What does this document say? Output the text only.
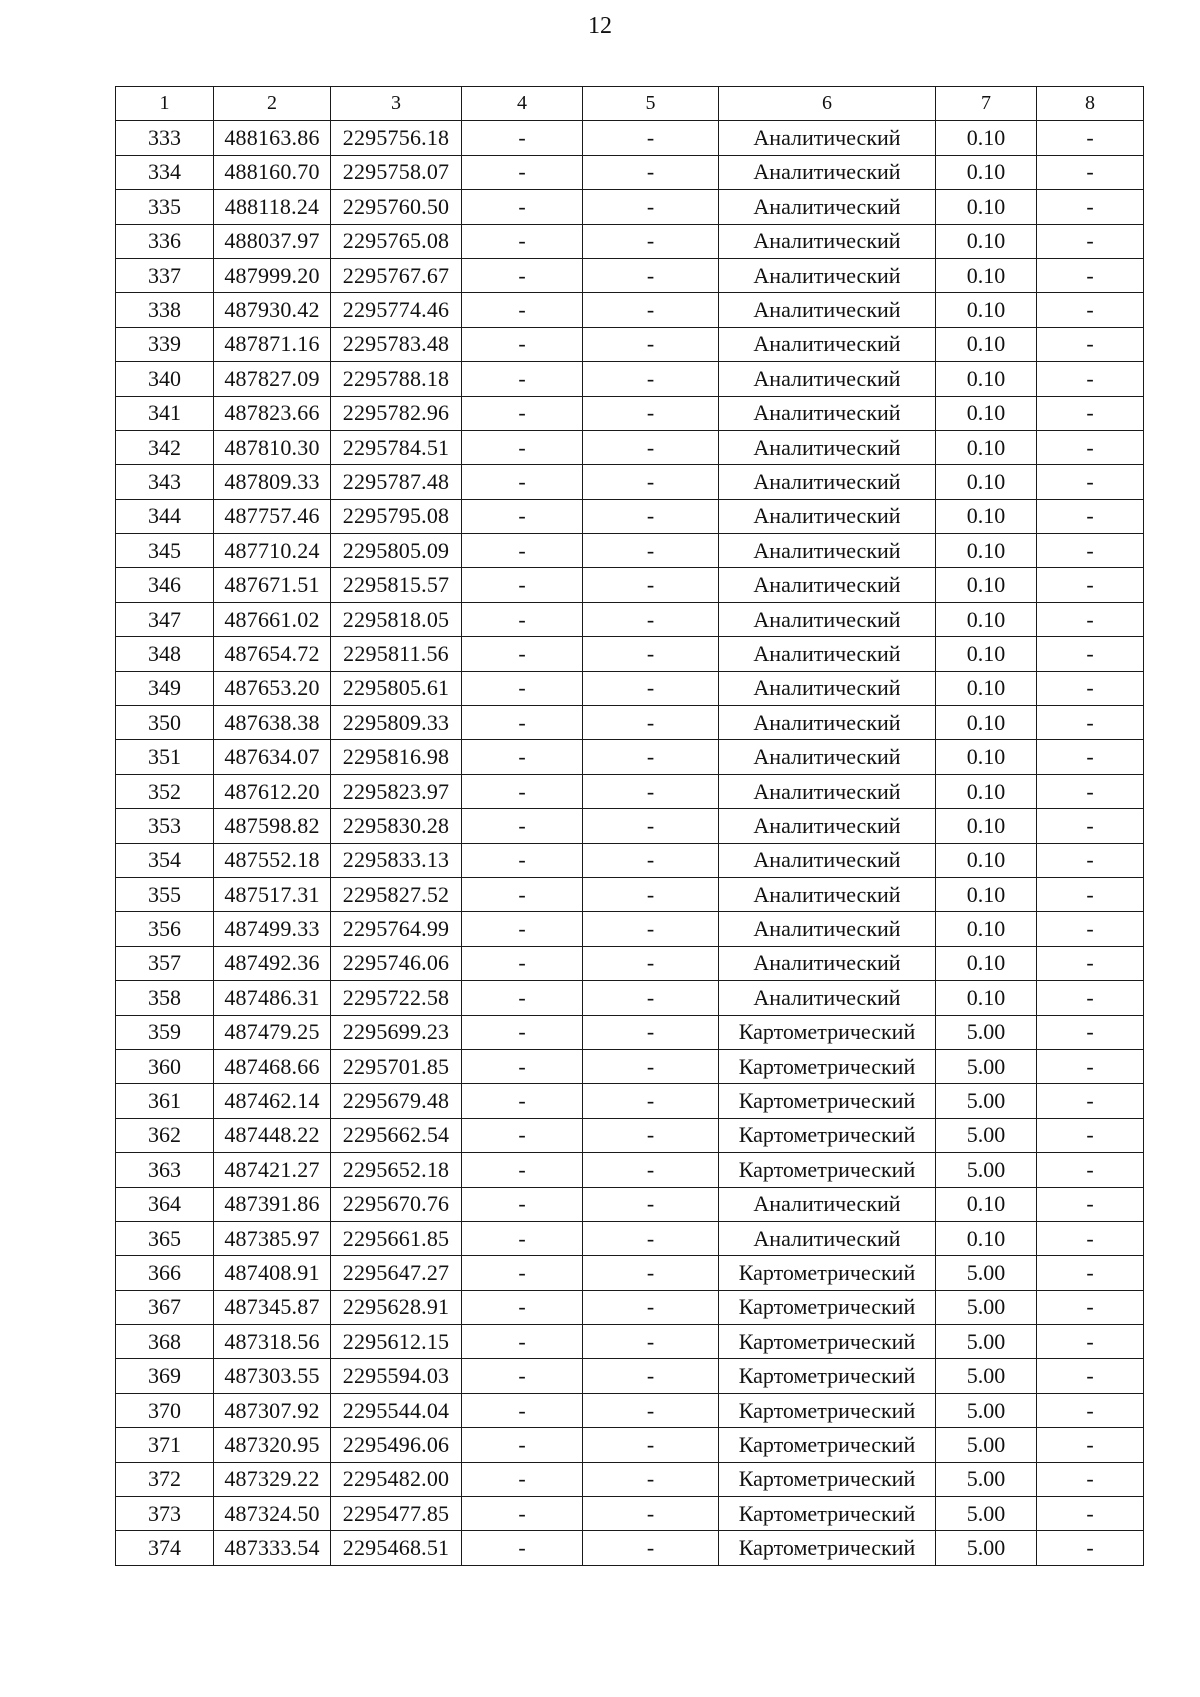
12
1	2	3	4	5	6	7	8
333	488163.86	2295756.18	-	-	Аналитический	0.10	-
334	488160.70	2295758.07	-	-	Аналитический	0.10	-
335	488118.24	2295760.50	-	-	Аналитический	0.10	-
336	488037.97	2295765.08	-	-	Аналитический	0.10	-
337	487999.20	2295767.67	-	-	Аналитический	0.10	-
338	487930.42	2295774.46	-	-	Аналитический	0.10	-
339	487871.16	2295783.48	-	-	Аналитический	0.10	-
340	487827.09	2295788.18	-	-	Аналитический	0.10	-
341	487823.66	2295782.96	-	-	Аналитический	0.10	-
342	487810.30	2295784.51	-	-	Аналитический	0.10	-
343	487809.33	2295787.48	-	-	Аналитический	0.10	-
344	487757.46	2295795.08	-	-	Аналитический	0.10	-
345	487710.24	2295805.09	-	-	Аналитический	0.10	-
346	487671.51	2295815.57	-	-	Аналитический	0.10	-
347	487661.02	2295818.05	-	-	Аналитический	0.10	-
348	487654.72	2295811.56	-	-	Аналитический	0.10	-
349	487653.20	2295805.61	-	-	Аналитический	0.10	-
350	487638.38	2295809.33	-	-	Аналитический	0.10	-
351	487634.07	2295816.98	-	-	Аналитический	0.10	-
352	487612.20	2295823.97	-	-	Аналитический	0.10	-
353	487598.82	2295830.28	-	-	Аналитический	0.10	-
354	487552.18	2295833.13	-	-	Аналитический	0.10	-
355	487517.31	2295827.52	-	-	Аналитический	0.10	-
356	487499.33	2295764.99	-	-	Аналитический	0.10	-
357	487492.36	2295746.06	-	-	Аналитический	0.10	-
358	487486.31	2295722.58	-	-	Аналитический	0.10	-
359	487479.25	2295699.23	-	-	Картометрический	5.00	-
360	487468.66	2295701.85	-	-	Картометрический	5.00	-
361	487462.14	2295679.48	-	-	Картометрический	5.00	-
362	487448.22	2295662.54	-	-	Картометрический	5.00	-
363	487421.27	2295652.18	-	-	Картометрический	5.00	-
364	487391.86	2295670.76	-	-	Аналитический	0.10	-
365	487385.97	2295661.85	-	-	Аналитический	0.10	-
366	487408.91	2295647.27	-	-	Картометрический	5.00	-
367	487345.87	2295628.91	-	-	Картометрический	5.00	-
368	487318.56	2295612.15	-	-	Картометрический	5.00	-
369	487303.55	2295594.03	-	-	Картометрический	5.00	-
370	487307.92	2295544.04	-	-	Картометрический	5.00	-
371	487320.95	2295496.06	-	-	Картометрический	5.00	-
372	487329.22	2295482.00	-	-	Картометрический	5.00	-
373	487324.50	2295477.85	-	-	Картометрический	5.00	-
374	487333.54	2295468.51	-	-	Картометрический	5.00	-
